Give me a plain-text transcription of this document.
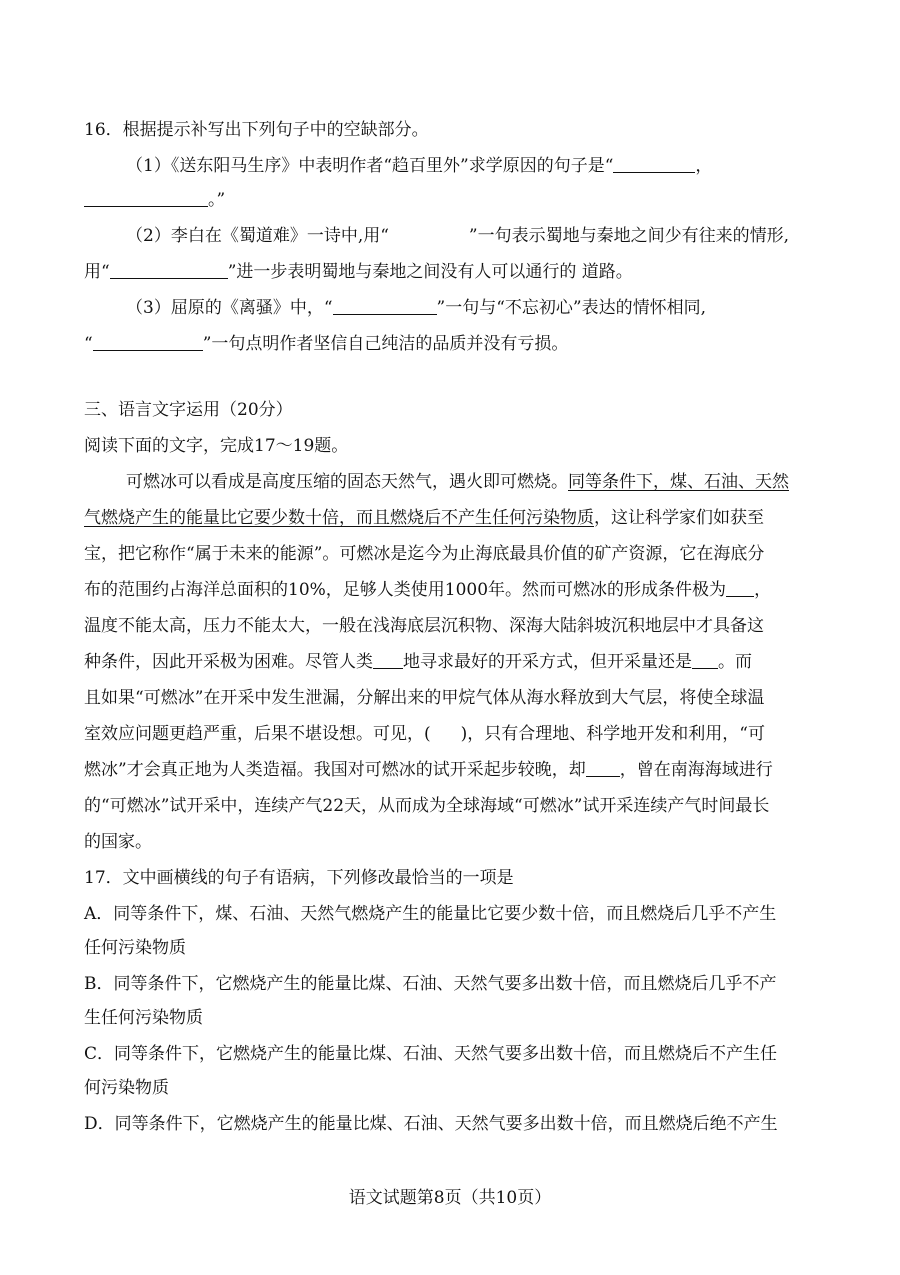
16．根据提示补写出下列句子中的空缺部分。
（1）《送东阳马生序》中表明作者“趋百里外”求学原因的句子是“	，
。”
（2）李白在《蜀道难》一诗中,用“	”一句表示蜀地与秦地之间少有往来的情形,
用“	”进一步表明蜀地与秦地之间没有人可以通行的 道路。
（3）屈原的《离骚》中，“	”一句与“不忘初心”表达的情怀相同,
“	”一句点明作者坚信自己纯洁的品质并没有亏损。
三、语言文字运用（20分）
阅读下面的文字，完成17～19题。
可燃冰可以看成是高度压缩的固态天然气，遇火即可燃烧。同等条件下，煤、石油、天然
气燃烧产生的能量比它要少数十倍，而且燃烧后不产生任何污染物质，这让科学家们如获至
宝，把它称作“属于未来的能源”。可燃冰是迄今为止海底最具价值的矿产资源，它在海底分
布的范围约占海洋总面积的10%，足够人类使用1000年。然而可燃冰的形成条件极为 ，
温度不能太高，压力不能太大，一般在浅海底层沉积物、深海大陆斜坡沉积地层中才具备这
种条件，因此开采极为困难。尽管人类 地寻求最好的开采方式，但开采量还是 。而
且如果“可燃冰”在开采中发生泄漏，分解出来的甲烷气体从海水释放到大气层，将使全球温
室效应问题更趋严重，后果不堪设想。可见，( )，只有合理地、科学地开发和利用，“可
燃冰”才会真正地为人类造福。我国对可燃冰的试开采起步较晚，却 ，曾在南海海域进行
的“可燃冰”试开采中，连续产气22天，从而成为全球海域“可燃冰”试开采连续产气时间最长
的国家。
17．文中画横线的句子有语病，下列修改最恰当的一项是
A．同等条件下，煤、石油、天然气燃烧产生的能量比它要少数十倍，而且燃烧后几乎不产生
任何污染物质
B．同等条件下，它燃烧产生的能量比煤、石油、天然气要多出数十倍，而且燃烧后几乎不产
生任何污染物质
C．同等条件下，它燃烧产生的能量比煤、石油、天然气要多出数十倍，而且燃烧后不产生任
何污染物质
D．同等条件下，它燃烧产生的能量比煤、石油、天然气要多出数十倍，而且燃烧后绝不产生
语文试题第8页（共10页）
